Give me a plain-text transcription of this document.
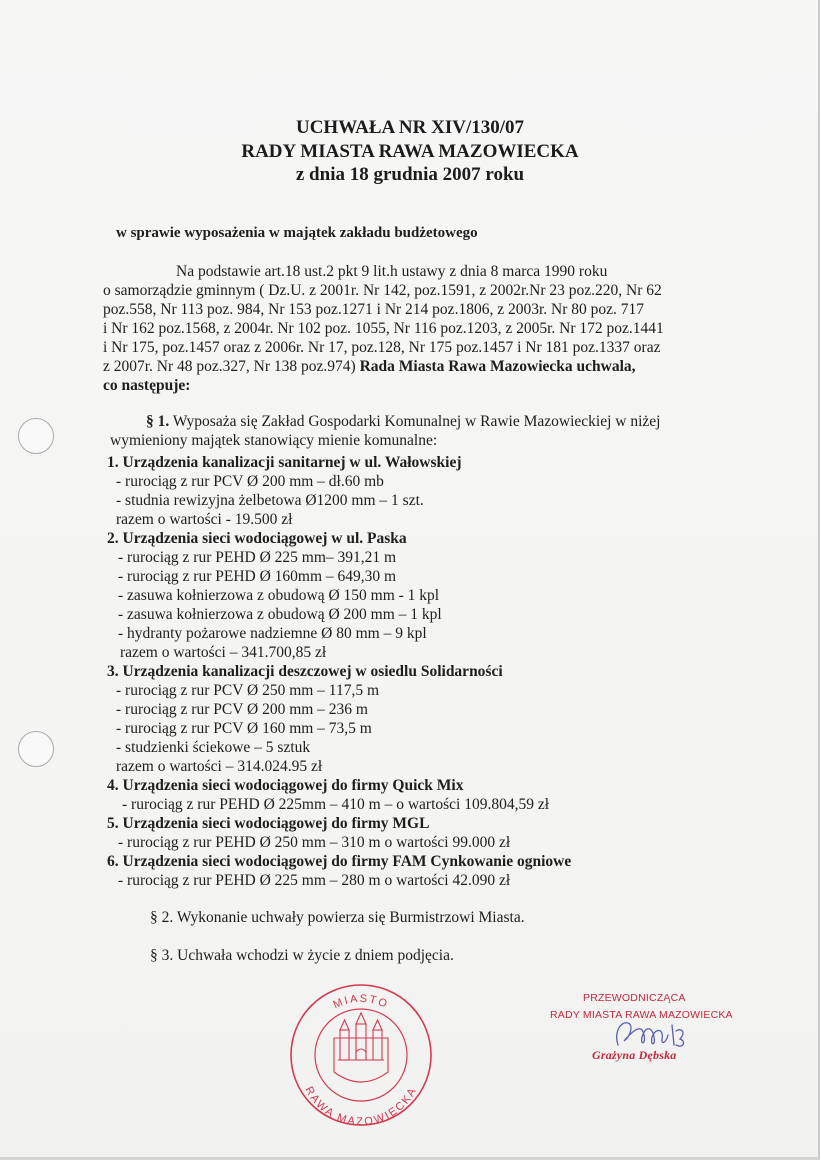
UCHWAŁA NR XIV/130/07
RADY MIASTA RAWA MAZOWIECKA
z dnia 18 grudnia 2007 roku
w sprawie wyposażenia w majątek zakładu budżetowego
Na podstawie art.18 ust.2 pkt 9 lit.h ustawy z dnia 8 marca 1990 roku
o samorządzie gminnym ( Dz.U. z 2001r. Nr 142, poz.1591, z 2002r.Nr 23 poz.220, Nr 62
poz.558, Nr 113 poz. 984, Nr 153 poz.1271 i Nr 214 poz.1806, z 2003r. Nr 80 poz. 717
i Nr 162 poz.1568, z 2004r. Nr 102 poz. 1055, Nr 116 poz.1203, z 2005r. Nr 172 poz.1441
i Nr 175, poz.1457 oraz z 2006r. Nr 17, poz.128, Nr 175 poz.1457 i Nr 181 poz.1337 oraz
z 2007r. Nr 48 poz.327, Nr 138 poz.974) Rada Miasta Rawa Mazowiecka uchwala,
co następuje:
§ 1. Wyposaża się Zakład Gospodarki Komunalnej w Rawie Mazowieckiej w niżej
wymieniony majątek stanowiący mienie komunalne:
1. Urządzenia kanalizacji sanitarnej w ul. Wałowskiej
- rurociąg z rur PCV Ø 200 mm – dł.60 mb
- studnia rewizyjna żelbetowa Ø1200 mm – 1 szt.
razem o wartości - 19.500 zł
2. Urządzenia sieci wodociągowej w ul. Paska
- rurociąg z rur PEHD Ø 225 mm– 391,21 m
- rurociąg z rur PEHD Ø 160mm – 649,30 m
- zasuwa kołnierzowa z obudową Ø 150 mm - 1 kpl
- zasuwa kołnierzowa z obudową Ø 200 mm – 1 kpl
- hydranty pożarowe nadziemne Ø 80 mm – 9 kpl
razem o wartości – 341.700,85 zł
3. Urządzenia kanalizacji deszczowej w osiedlu Solidarności
- rurociąg z rur PCV Ø 250 mm – 117,5 m
- rurociąg z rur PCV Ø 200 mm – 236 m
- rurociąg z rur PCV Ø 160 mm – 73,5 m
- studzienki ściekowe – 5 sztuk
razem o wartości – 314.024.95 zł
4. Urządzenia sieci wodociągowej do firmy Quick Mix
- rurociąg z rur PEHD Ø 225mm – 410 m – o wartości 109.804,59 zł
5. Urządzenia sieci wodociągowej do firmy MGL
- rurociąg z rur PEHD Ø 250 mm – 310 m o wartości 99.000 zł
6. Urządzenia sieci wodociągowej do firmy FAM Cynkowanie ogniowe
- rurociąg z rur PEHD Ø 225 mm – 280 m o wartości 42.090 zł
§ 2. Wykonanie uchwały powierza się Burmistrzowi Miasta.
§ 3. Uchwała wchodzi w życie z dniem podjęcia.
MIASTO
RAWA MAZOWIECKA
PRZEWODNICZĄCA
RADY MIASTA RAWA MAZOWIECKA
Grażyna Dębska
